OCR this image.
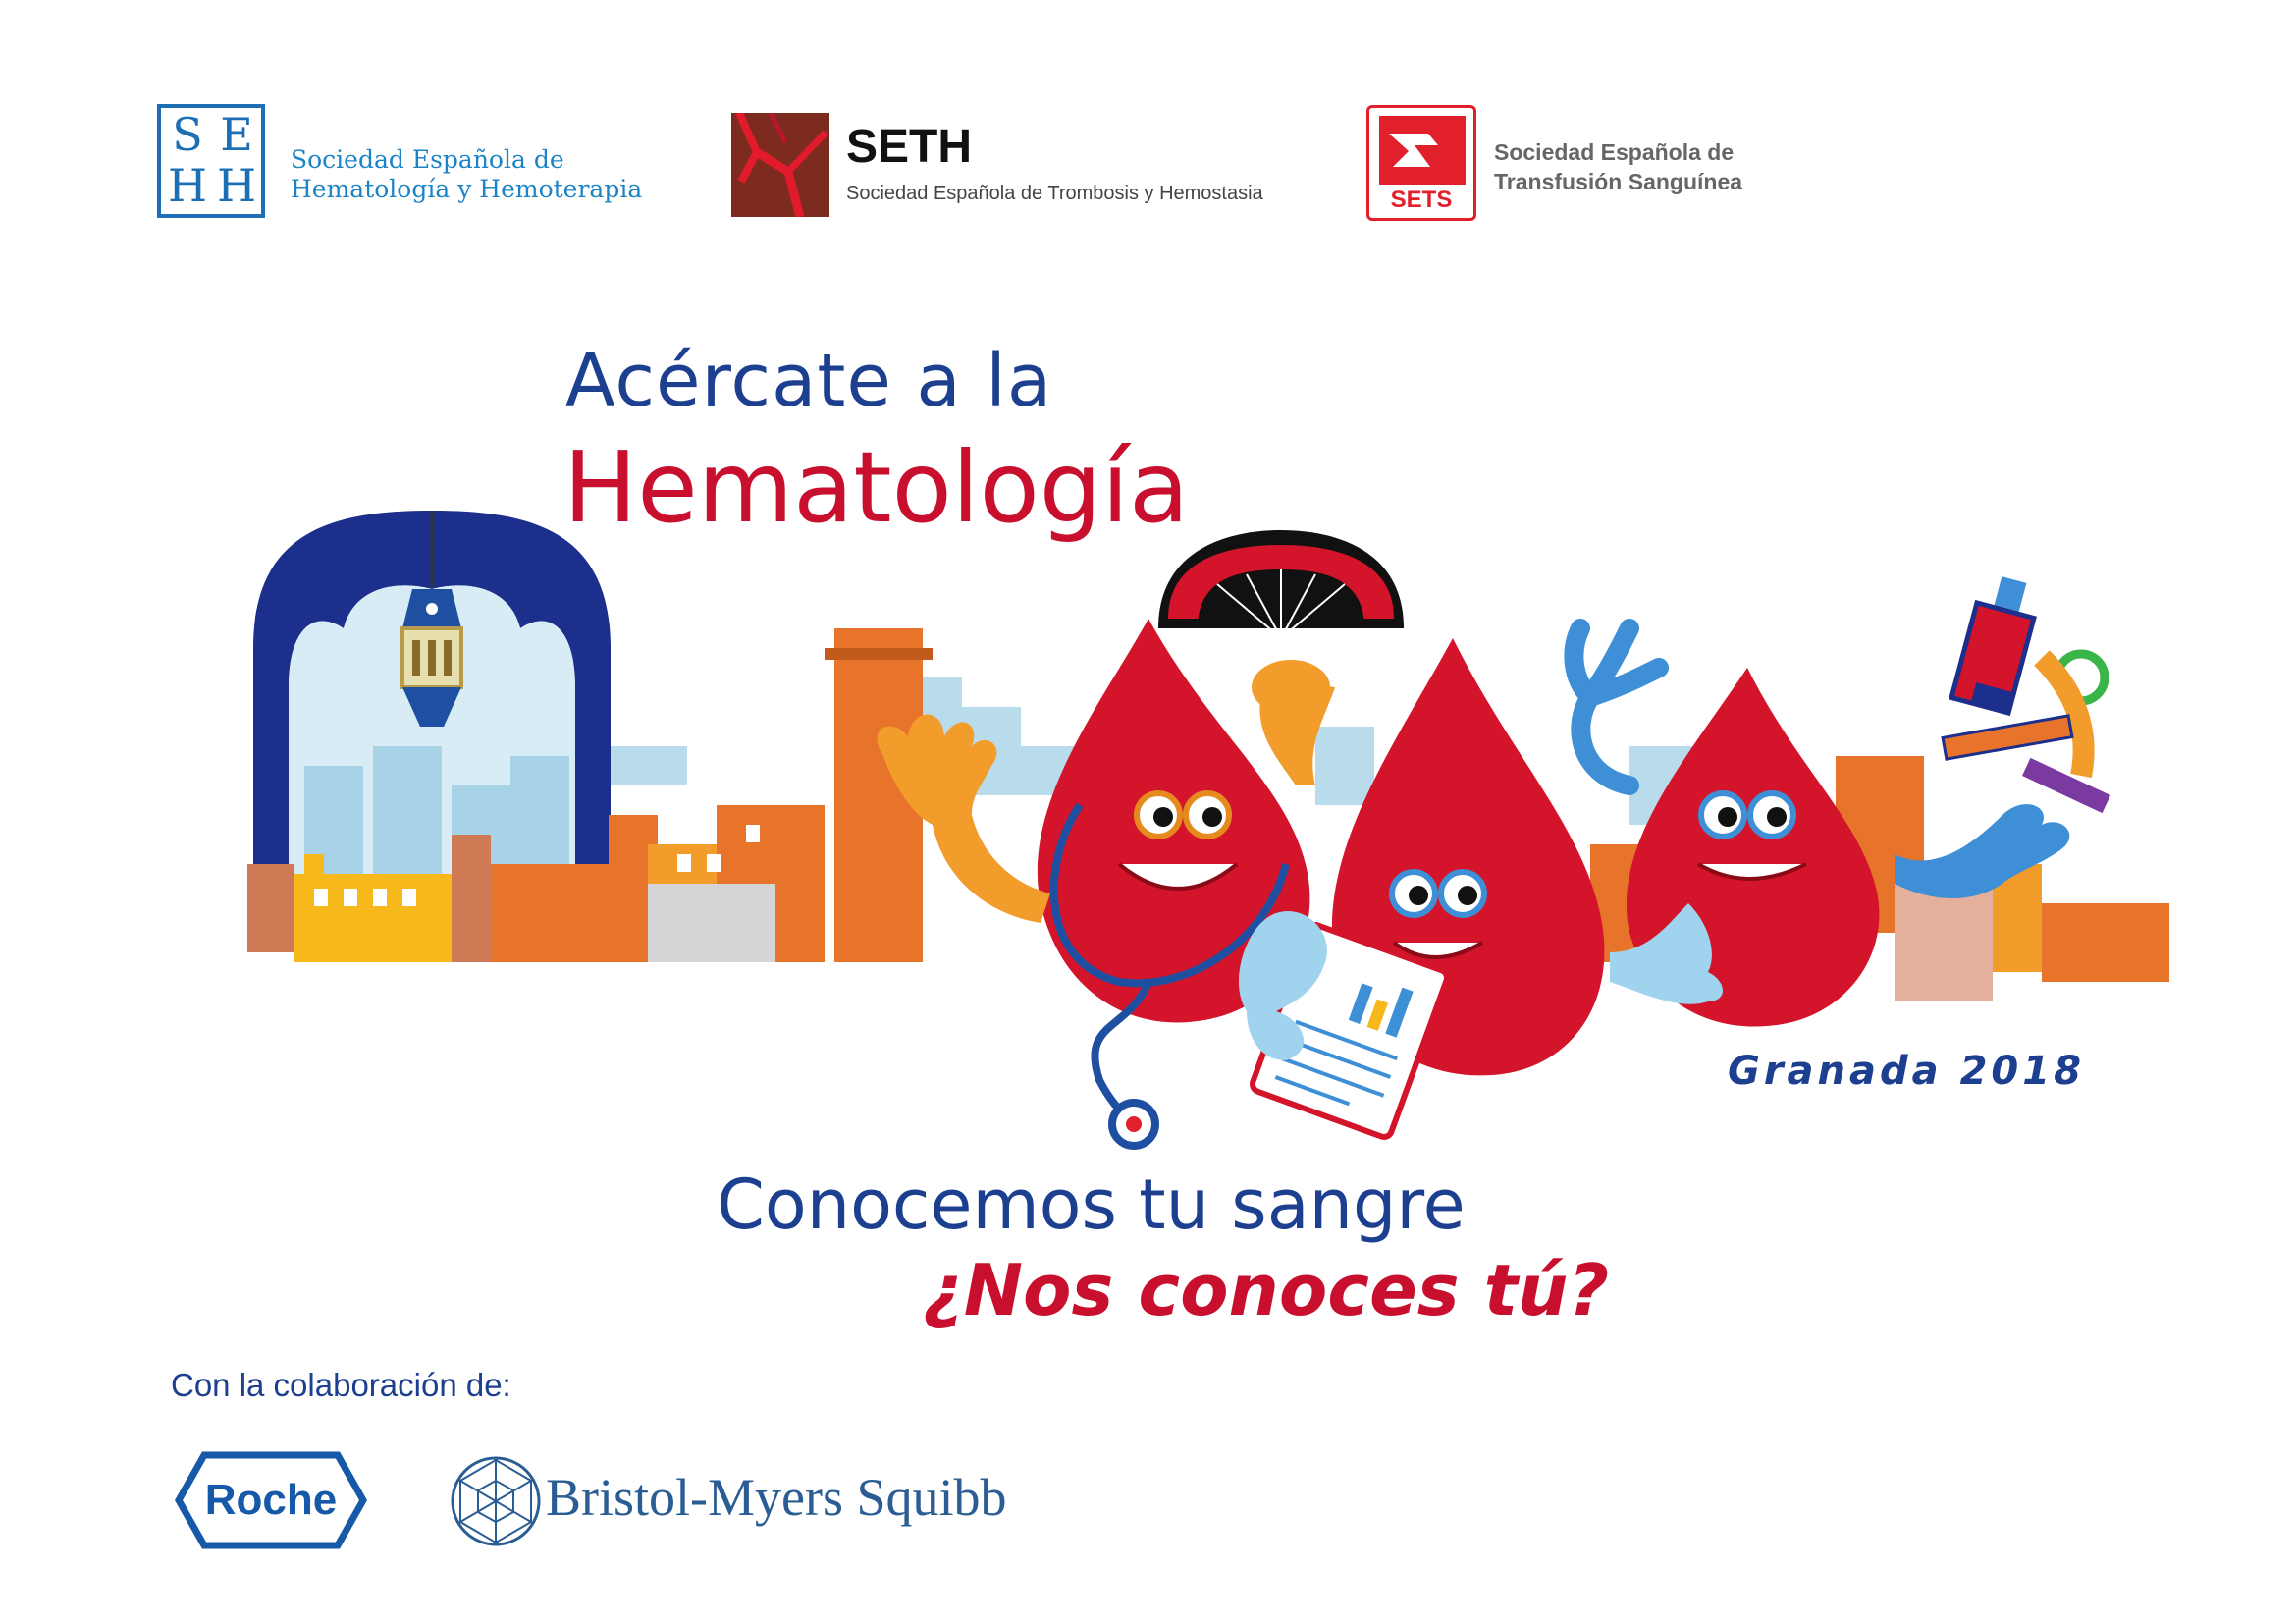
S E
H H Sociedad Española de
Hematología y Hemoterapia
SETH
Sociedad Española de Trombosis y Hemostasia	SETS
Sociedad Española de
Transfusión Sanguínea
Acércate a la
Hematología
Granada 2018
Conocemos tu sangre
¿Nos conoces tú?
Con la colaboración de:
Roche	Bristol-Myers Squibb
